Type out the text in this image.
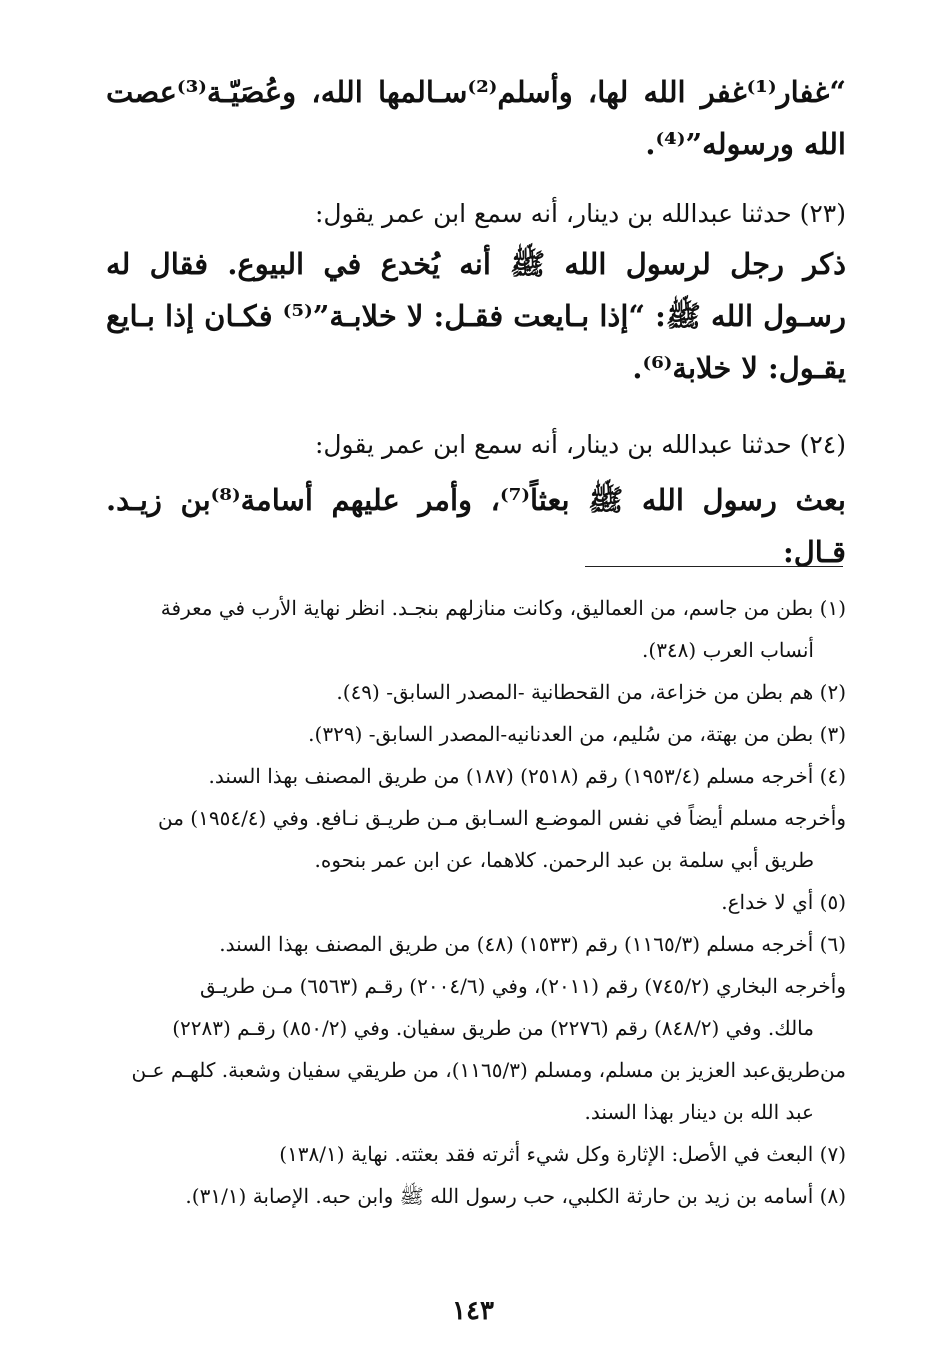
“غفار⁽¹⁾غفر الله لها، وأسلم⁽²⁾سـالمها الله، وعُصَيّـة⁽³⁾عصت الله ورسوله”⁽⁴⁾.
(٢٣) حدثنا عبدالله بن دينار، أنه سمع ابن عمر يقول:
ذكر رجل لرسول الله ﷺ أنه يُخدع في البيوع. فقال له رسـول الله ﷺ: “إذا بـايعت فقـل: لا خلابـة”⁽⁵⁾ فكـان إذا بـايع يقـول: لا خلابة⁽⁶⁾.
(٢٤) حدثنا عبدالله بن دينار، أنه سمع ابن عمر يقول:
بعث رسول الله ﷺ بعثاً⁽⁷⁾، وأمر عليهم أسامة⁽⁸⁾بن زيـد. قـال:
(١) بطن من جاسم، من العماليق، وكانت منازلهم بنجـد. انظر نهاية الأرب في معرفة
أنساب العرب (٣٤٨).
(٢) هم بطن من خزاعة، من القحطانية -المصدر السابق- (٤٩).
(٣) بطن من بهتة، من سُليم، من العدنانيه-المصدر السابق- (٣٢٩).
(٤) أخرجه مسلم (١٩٥٣/٤) رقم (٢٥١٨) (١٨٧) من طريق المصنف بهذا السند.
وأخرجه مسلم أيضاً في نفس الموضـع السـابق مـن طريـق نـافع. وفي (١٩٥٤/٤) من
طريق أبي سلمة بن عبد الرحمن. كلاهما، عن ابن عمر بنحوه.
(٥) أي لا خداع.
(٦) أخرجه مسلم (١١٦٥/٣) رقم (١٥٣٣) (٤٨) من طريق المصنف بهذا السند.
وأخرجه البخاري (٧٤٥/٢) رقم (٢٠١١)، وفي (٢٠٠٤/٦) رقـم (٦٥٦٣) مـن طريـق
مالك. وفي (٨٤٨/٢) رقم (٢٢٧٦) من طريق سفيان. وفي (٨٥٠/٢) رقـم (٢٢٨٣)
من‌طريق‌عبد العزيز بن مسلم، ومسلم (١١٦٥/٣)، من طريقي سفيان وشعبة. كلهـم عـن
عبد الله بن دينار بهذا السند.
(٧) البعث في الأصل: الإثارة وكل شيء أثرته فقد بعثته. نهاية (١٣٨/١)
(٨) أسامه بن زيد بن حارثة الكلبي، حب رسول الله ﷺ وابن حبه. الإصابة (٣١/١).
١٤٣
